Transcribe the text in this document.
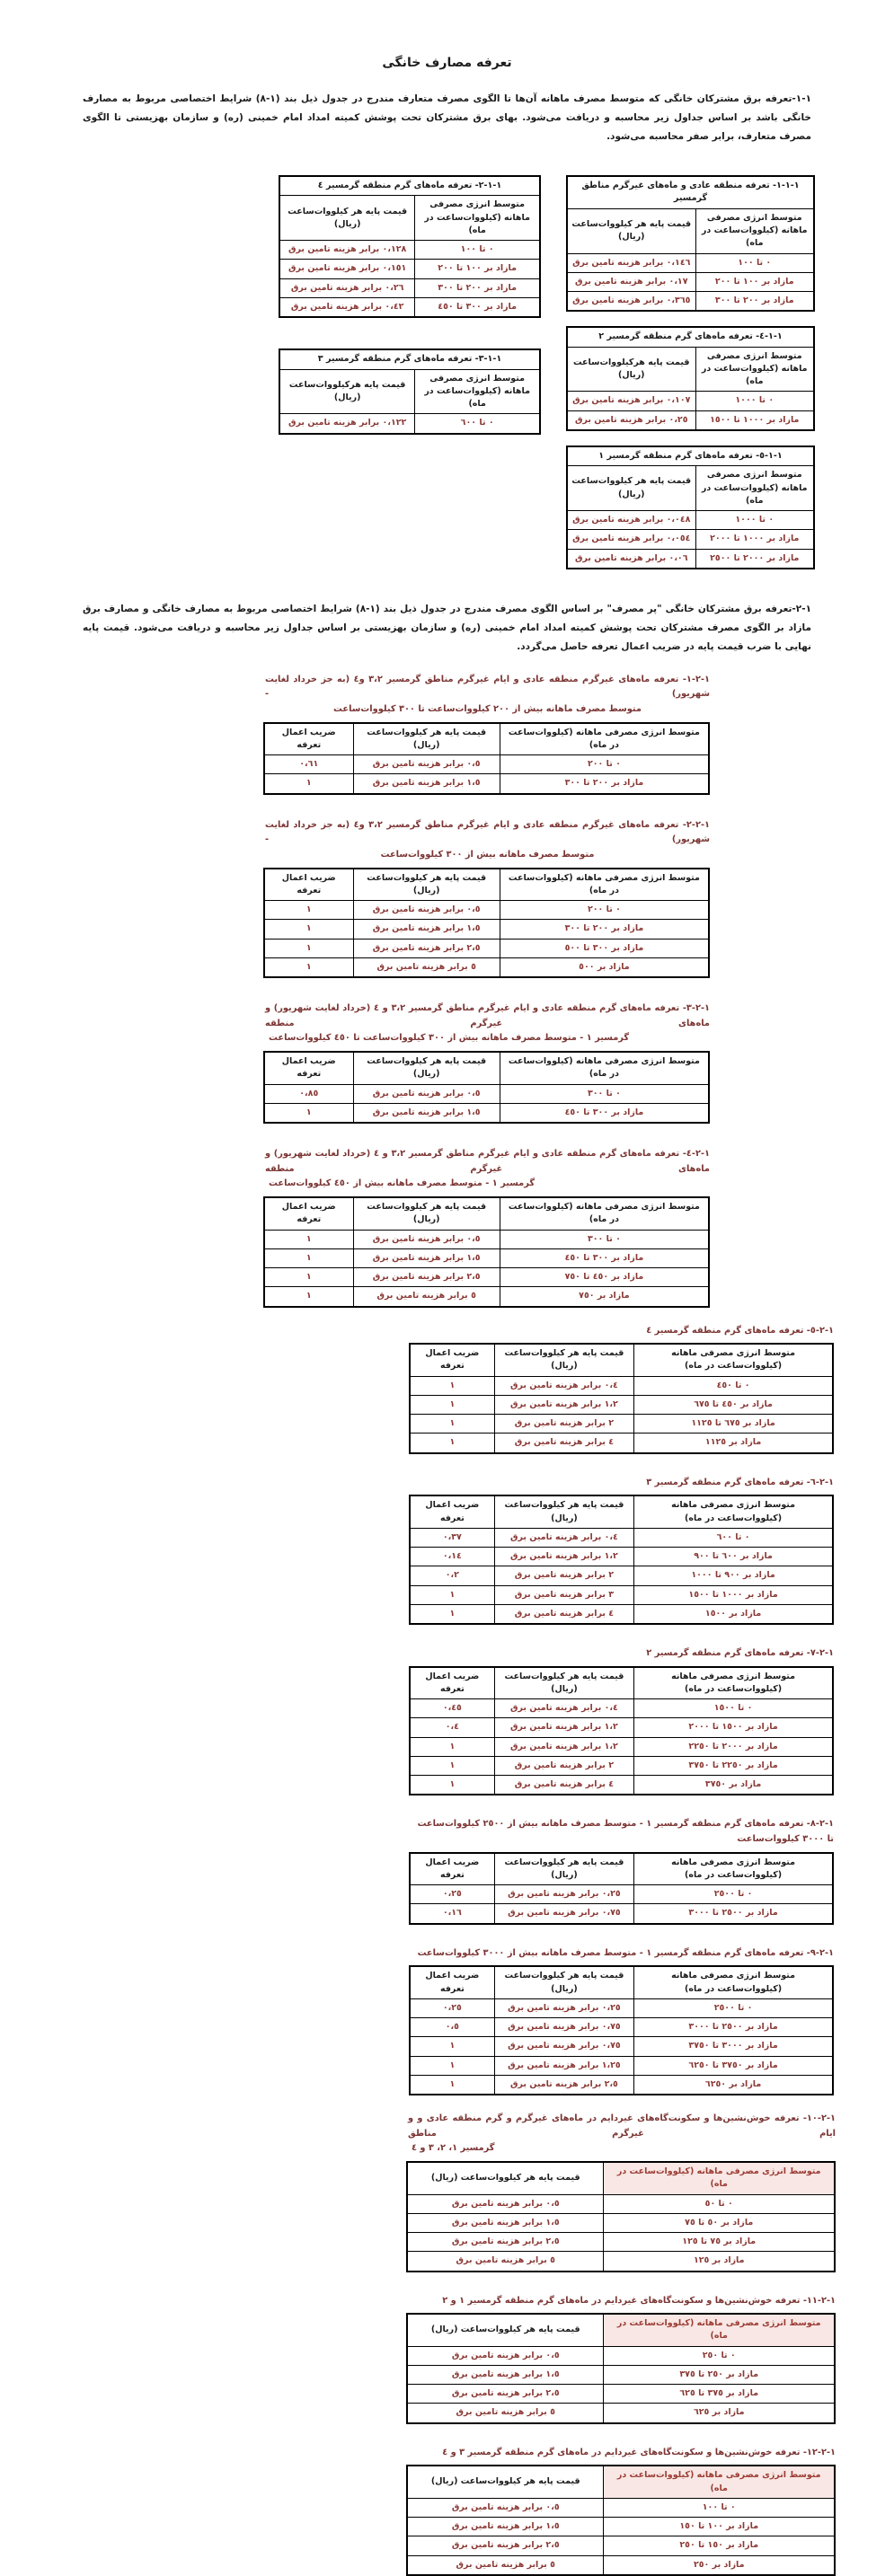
تعرفه مصارف خانگی

١-١-تعرفه برق مشترکان خانگی که متوسط مصرف ماهانه آن‌ها تا الگوی مصرف متعارف مندرج در جدول ذیل بند (١-٨) شرایط اختصاصی مربوط به مصارف خانگی باشد بر اساس جداول زیر محاسبه و دریافت می‌شود. بهای برق مشترکان تحت پوشش کمیته امداد امام خمینی (ره) و سازمان بهزیستی تا الگوی مصرف متعارف، برابر صفر محاسبه می‌شود.

١-١-١- تعرفه منطقه عادی و ماه‌های غیرگرم مناطق گرمسیر	
متوسط انرژی مصرفی ماهانه (کیلووات‌ساعت در ماه)	قیمت پایه هر کیلووات‌ساعت (ریال)
٠ تا ١٠٠	٠،١٤٦ برابر هزینه تامین برق
مازاد بر ١٠٠ تا ٢٠٠	٠،١٧ برابر هزینه تامین برق
مازاد بر ٢٠٠ تا ٣٠٠	٠،٣٦٥ برابر هزینه تامین برق
١-١-٤- تعرفه ماه‌های گرم منطقه گرمسیر ٢	
متوسط انرژی مصرفی ماهانه (کیلووات‌ساعت در ماه)	قیمت پایه هرکیلووات‌ساعت (ریال)
٠ تا ١٠٠٠	٠،١٠٧ برابر هزینه تامین برق
مازاد بر ١٠٠٠ تا ١٥٠٠	٠،٢٥ برابر هزینه تامین برق
١-١-٥- تعرفه ماه‌های گرم منطقه گرمسیر ١	
متوسط انرژی مصرفی ماهانه (کیلووات‌ساعت در ماه)	قیمت پایه هر کیلووات‌ساعت (ریال)
٠ تا ١٠٠٠	٠،٠٤٨ برابر هزینه تامین برق
مازاد بر ١٠٠٠ تا ٢٠٠٠	٠،٠٥٤ برابر هزینه تامین برق
مازاد بر ٢٠٠٠ تا ٢٥٠٠	٠،٠٦ برابر هزینه تامین برق
١-١-٢- تعرفه ماه‌های گرم منطقه گرمسیر ٤	
متوسط انرژی مصرفی ماهانه (کیلووات‌ساعت در ماه)	قیمت پایه هر کیلووات‌ساعت (ریال)
٠ تا ١٠٠	٠،١٢٨ برابر هزینه تامین برق
مازاد بر ١٠٠ تا ٢٠٠	٠،١٥١ برابر هزینه تامین برق
مازاد بر ٢٠٠ تا ٣٠٠	٠،٢٦ برابر هزینه تامین برق
مازاد بر ٣٠٠ تا ٤٥٠	٠،٤٢ برابر هزینه تامین برق
١-١-٣- تعرفه ماه‌های گرم منطقه گرمسیر ٣	
متوسط انرژی مصرفی ماهانه (کیلووات‌ساعت در ماه)	قیمت پایه هرکیلووات‌ساعت (ریال)
٠ تا ٦٠٠	٠،١٢٢ برابر هزینه تامین برق

١-٢-تعرفه برق مشترکان خانگی "پر مصرف" بر اساس الگوی مصرف مندرج در جدول ذیل بند (١-٨) شرایط اختصاصی مربوط به مصارف خانگی و مصارف برق مازاد بر الگوی مصرف مشترکان تحت پوشش کمیته امداد امام خمینی (ره) و سازمان بهزیستی بر اساس جداول زیر محاسبه و دریافت می‌شود. قیمت پایه نهایی با ضرب قیمت پایه در ضریب اعمال تعرفه حاصل می‌گردد.

١-٢-١- تعرفه ماه‌های غیرگرم منطقه عادی و ایام غیرگرم مناطق گرمسیر ٣،٢ و٤ (به جز خرداد لغایت شهریور) -
متوسط مصرف ماهانه بیش از ٢٠٠ کیلووات‌ساعت تا ٣٠٠ کیلووات‌ساعت
متوسط انرژی مصرفی ماهانه (کیلووات‌ساعت در ماه)	قیمت پایه هر کیلووات‌ساعت (ریال)	ضریب اعمال تعرفه
٠ تا ٢٠٠	٠،٥ برابر هزینه تامین برق	٠،٦١
مازاد بر ٢٠٠ تا ٣٠٠	١،٥ برابر هزینه تامین برق	١
١-٢-٢- تعرفه ماه‌های غیرگرم منطقه عادی و ایام غیرگرم مناطق گرمسیر ٣،٢ و٤ (به جز خرداد لغایت شهریور) -
متوسط مصرف ماهانه بیش از ٣٠٠ کیلووات‌ساعت
متوسط انرژی مصرفی ماهانه (کیلووات‌ساعت در ماه)	قیمت پایه هر کیلووات‌ساعت (ریال)	ضریب اعمال تعرفه
٠ تا ٢٠٠	٠،٥ برابر هزینه تامین برق	١
مازاد بر ٢٠٠ تا ٣٠٠	١،٥ برابر هزینه تامین برق	١
مازاد بر ٣٠٠ تا ٥٠٠	٢،٥ برابر هزینه تامین برق	١
مازاد بر ٥٠٠	٥ برابر هزینه تامین برق	١
١-٢-٣- تعرفه ماه‌های گرم منطقه عادی و ایام غیرگرم مناطق گرمسیر ٣،٢ و ٤ (خرداد لغایت شهریور) و ماه‌های غیرگرم منطقه
گرمسیر ١ - متوسط مصرف ماهانه بیش از ٣٠٠ کیلووات‌ساعت تا ٤٥٠ کیلووات‌ساعت
متوسط انرژی مصرفی ماهانه (کیلووات‌ساعت در ماه)	قیمت پایه هر کیلووات‌ساعت (ریال)	ضریب اعمال تعرفه
٠ تا ٣٠٠	٠،٥ برابر هزینه تامین برق	٠،٨٥
مازاد بر ٣٠٠ تا ٤٥٠	١،٥ برابر هزینه تامین برق	١
١-٢-٤- تعرفه ماه‌های گرم منطقه عادی و ایام غیرگرم مناطق گرمسیر ٣،٢ و ٤ (خرداد لغایت شهریور) و ماه‌های غیرگرم منطقه
گرمسیر ١ - متوسط مصرف ماهانه بیش از ٤٥٠ کیلووات‌ساعت
متوسط انرژی مصرفی ماهانه (کیلووات‌ساعت در ماه)	قیمت پایه هر کیلووات‌ساعت (ریال)	ضریب اعمال تعرفه
٠ تا ٣٠٠	٠،٥ برابر هزینه تامین برق	١
مازاد بر ٣٠٠ تا ٤٥٠	١،٥ برابر هزینه تامین برق	١
مازاد بر ٤٥٠ تا ٧٥٠	٢،٥ برابر هزینه تامین برق	١
مازاد بر ٧٥٠	٥ برابر هزینه تامین برق	١
١-٢-٥- تعرفه ماه‌های گرم منطقه گرمسیر ٤
متوسط انرژی مصرفی ماهانه (کیلووات‌ساعت در ماه)	قیمت پایه هر کیلووات‌ساعت (ریال)	ضریب اعمال تعرفه
٠ تا ٤٥٠	٠،٤ برابر هزینه تامین برق	١
مازاد بر ٤٥٠ تا ٦٧٥	١،٢ برابر هزینه تامین برق	١
مازاد بر ٦٧٥ تا ١١٢٥	٢ برابر هزینه تامین برق	١
مازاد بر ١١٢٥	٤ برابر هزینه تامین برق	١
١-٢-٦- تعرفه ماه‌های گرم منطقه گرمسیر ٣
متوسط انرژی مصرفی ماهانه (کیلووات‌ساعت در ماه)	قیمت پایه هر کیلووات‌ساعت (ریال)	ضریب اعمال تعرفه
٠ تا ٦٠٠	٠،٤ برابر هزینه تامین برق	٠،٣٧
مازاد بر ٦٠٠ تا ٩٠٠	١،٢ برابر هزینه تامین برق	٠،١٤
مازاد بر ٩٠٠ تا ١٠٠٠	٢ برابر هزینه تامین برق	٠،٢
مازاد بر ١٠٠٠ تا ١٥٠٠	٣ برابر هزینه تامین برق	١
مازاد بر ١٥٠٠	٤ برابر هزینه تامین برق	١
١-٢-٧- تعرفه ماه‌های گرم منطقه گرمسیر ٢
متوسط انرژی مصرفی ماهانه (کیلووات‌ساعت در ماه)	قیمت پایه هر کیلووات‌ساعت (ریال)	ضریب اعمال تعرفه
٠ تا ١٥٠٠	٠،٤ برابر هزینه تامین برق	٠،٤٥
مازاد بر ١٥٠٠ تا ٢٠٠٠	١،٢ برابر هزینه تامین برق	٠،٤
مازاد بر ٢٠٠٠ تا ٢٢٥٠	١،٢ برابر هزینه تامین برق	١
مازاد بر ٢٢٥٠ تا ٣٧٥٠	٢ برابر هزینه تامین برق	١
مازاد بر ٣٧٥٠	٤ برابر هزینه تامین برق	١
١-٢-٨- تعرفه ماه‌های گرم منطقه گرمسیر ١ - متوسط مصرف ماهانه بیش از ٢٥٠٠ کیلووات‌ساعت تا ٣٠٠٠ کیلووات‌ساعت
متوسط انرژی مصرفی ماهانه (کیلووات‌ساعت در ماه)	قیمت پایه هر کیلووات‌ساعت (ریال)	ضریب اعمال تعرفه
٠ تا ٢٥٠٠	٠،٢٥ برابر هزینه تامین برق	٠،٢٥
مازاد بر ٢٥٠٠ تا ٣٠٠٠	٠،٧٥ برابر هزینه تامین برق	٠،١٦
١-٢-٩- تعرفه ماه‌های گرم منطقه گرمسیر ١ - متوسط مصرف ماهانه بیش از ٣٠٠٠ کیلووات‌ساعت
متوسط انرژی مصرفی ماهانه (کیلووات‌ساعت در ماه)	قیمت پایه هر کیلووات‌ساعت (ریال)	ضریب اعمال تعرفه
٠ تا ٢٥٠٠	٠،٢٥ برابر هزینه تامین برق	٠،٢٥
مازاد بر ٢٥٠٠ تا ٣٠٠٠	٠،٧٥ برابر هزینه تامین برق	٠،٥
مازاد بر ٣٠٠٠ تا ٣٧٥٠	٠،٧٥ برابر هزینه تامین برق	١
مازاد بر ٣٧٥٠ تا ٦٢٥٠	١،٢٥ برابر هزینه تامین برق	١
مازاد بر ٦٢٥٠	٢،٥ برابر هزینه تامین برق	١
١-٢-١٠- تعرفه خوش‌نشین‌ها و سکونت‌گاه‌های غیردایم در ماه‌های غیرگرم و گرم منطقه عادی و و ایام غیرگرم مناطق
گرمسیر ١، ٢، ٣ و ٤
متوسط انرژی مصرفی ماهانه (کیلووات‌ساعت در ماه)	قیمت پایه هر کیلووات‌ساعت (ریال)
٠ تا ٥٠	٠،٥ برابر هزینه تامین برق
مازاد بر ٥٠ تا ٧٥	١،٥ برابر هزینه تامین برق
مازاد بر ٧٥ تا ١٢٥	٢،٥ برابر هزینه تامین برق
مازاد بر ١٢٥	٥ برابر هزینه تامین برق
١-٢-١١- تعرفه خوش‌نشین‌ها و سکونت‌گاه‌های غیردایم در ماه‌های گرم منطقه گرمسیر ١ و ٢
متوسط انرژی مصرفی ماهانه (کیلووات‌ساعت در ماه)	قیمت پایه هر کیلووات‌ساعت (ریال)
٠ تا ٢٥٠	٠،٥ برابر هزینه تامین برق
مازاد بر ٢٥٠ تا ٣٧٥	١،٥ برابر هزینه تامین برق
مازاد بر ٣٧٥ تا ٦٢٥	٢،٥ برابر هزینه تامین برق
مازاد بر ٦٢٥	٥ برابر هزینه تامین برق
١-٢-١٢- تعرفه خوش‌نشین‌ها و سکونت‌گاه‌های غیردایم در ماه‌های گرم منطقه گرمسیر ٣ و ٤
متوسط انرژی مصرفی ماهانه (کیلووات‌ساعت در ماه)	قیمت پایه هر کیلووات‌ساعت (ریال)
٠ تا ١٠٠	٠،٥ برابر هزینه تامین برق
مازاد بر ١٠٠ تا ١٥٠	١،٥ برابر هزینه تامین برق
مازاد بر ١٥٠ تا ٢٥٠	٢،٥ برابر هزینه تامین برق
مازاد بر ٢٥٠	٥ برابر هزینه تامین برق
